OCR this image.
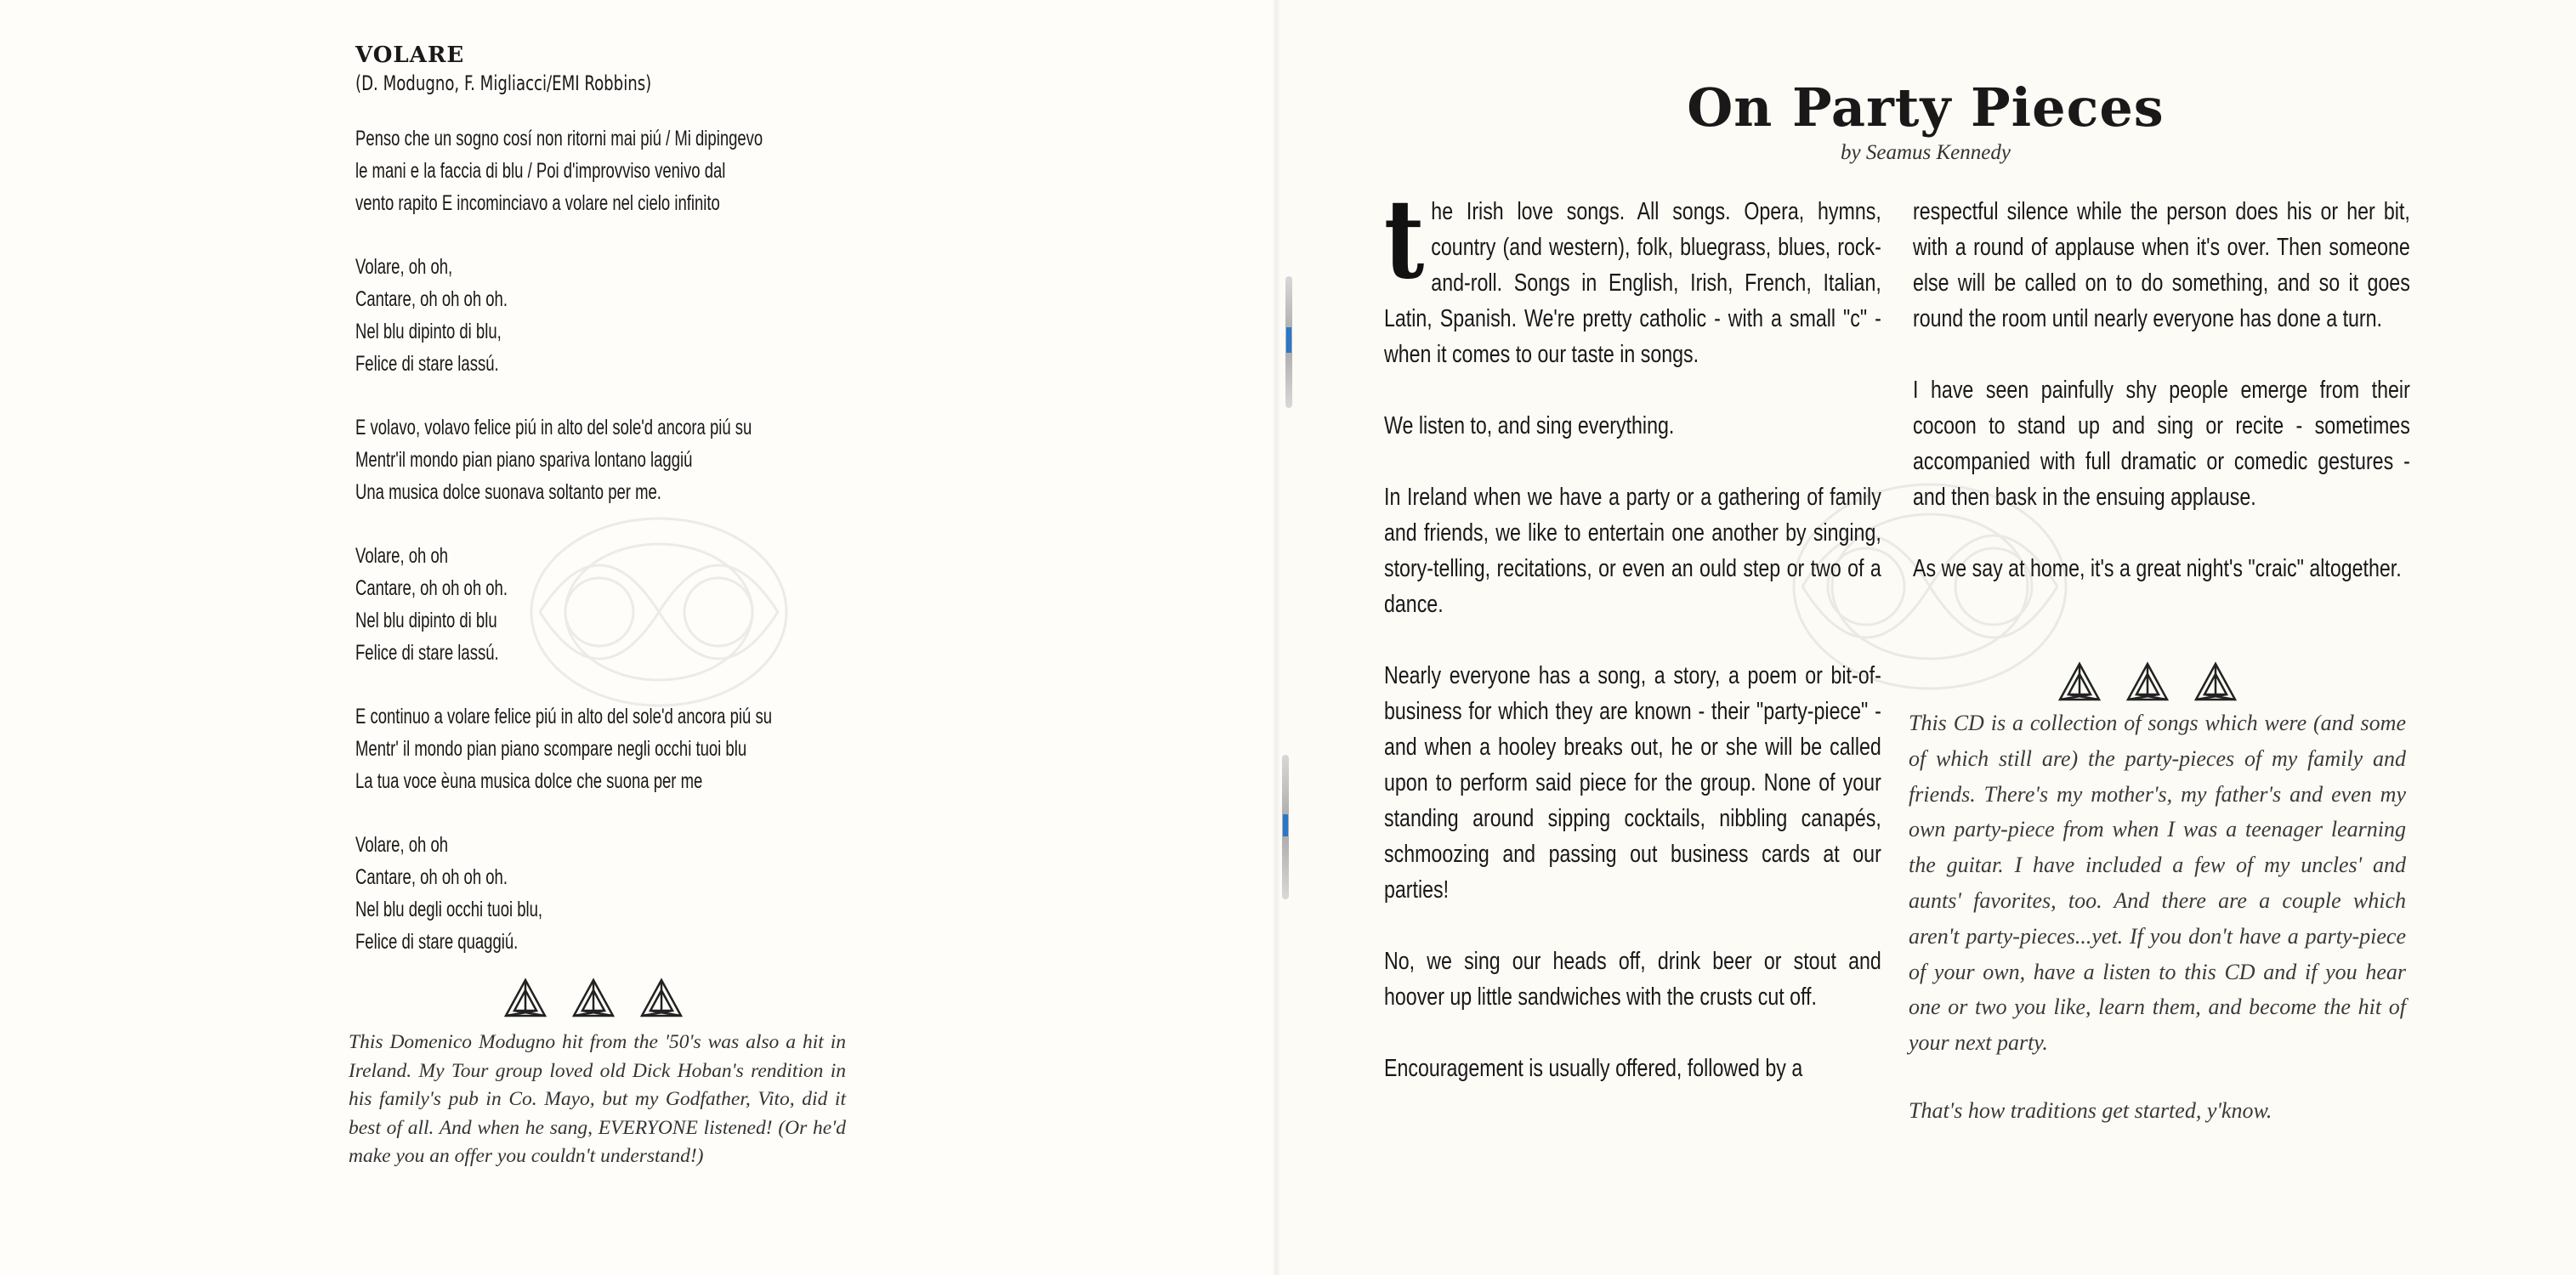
VOLARE

(D. Modugno, F. Migliacci/EMI Robbins)

Penso che un sogno cosí non ritorni mai piú / Mi dipingevo
le mani e la faccia di blu / Poi d'improvviso venivo dal
vento rapito E incominciavo a volare nel cielo infinito
Volare, oh oh,
Cantare, oh oh oh oh.
Nel blu dipinto di blu,
Felice di stare lassú.
E volavo, volavo felice piú in alto del sole'd ancora piú su
Mentr'il mondo pian piano spariva lontano laggiú
Una musica dolce suonava soltanto per me.
Volare, oh oh
Cantare, oh oh oh oh.
Nel blu dipinto di blu
Felice di stare lassú.
E continuo a volare felice piú in alto del sole'd ancora piú su
Mentr' il mondo pian piano scompare negli occhi tuoi blu
La tua voce èuna musica dolce che suona per me
Volare, oh oh
Cantare, oh oh oh oh.
Nel blu degli occhi tuoi blu,
Felice di stare quaggiú.

This Domenico Modugno hit from the '50's was also a hit in Ireland. My Tour group loved old Dick Hoban's rendition in his family's pub in Co. Mayo, but my Godfather, Vito, did it best of all. And when he sang, EVERYONE listened! (Or he'd make you an offer you couldn't understand!)

On Party Pieces

by Seamus Kennedy

the Irish love songs. All songs. Opera, hymns, country (and western), folk, bluegrass, blues, rock-and-roll. Songs in English, Irish, French, Italian, Latin, Spanish. We're pretty catholic - with a small "c" - when it comes to our taste in songs.

We listen to, and sing everything.

In Ireland when we have a party or a gathering of family and friends, we like to entertain one another by singing, story-telling, recitations, or even an ould step or two of a dance.

Nearly everyone has a song, a story, a poem or bit-of-business for which they are known - their "party-piece" - and when a hooley breaks out, he or she will be called upon to perform said piece for the group. None of your standing around sipping cocktails, nibbling canapés, schmoozing and passing out business cards at our parties!

No, we sing our heads off, drink beer or stout and hoover up little sandwiches with the crusts cut off.

Encouragement is usually offered, followed by a

respectful silence while the person does his or her bit, with a round of applause when it's over. Then someone else will be called on to do something, and so it goes round the room until nearly everyone has done a turn.

I have seen painfully shy people emerge from their cocoon to stand up and sing or recite - sometimes accompanied with full dramatic or comedic gestures - and then bask in the ensuing applause.

As we say at home, it's a great night's "craic" altogether.

This CD is a collection of songs which were (and some of which still are) the party-pieces of my family and friends. There's my mother's, my father's and even my own party-piece from when I was a teenager learning the guitar. I have included a few of my uncles' and aunts' favorites, too. And there are a couple which aren't party-pieces...yet. If you don't have a party-piece of your own, have a listen to this CD and if you hear one or two you like, learn them, and become the hit of your next party.

That's how traditions get started, y'know.
